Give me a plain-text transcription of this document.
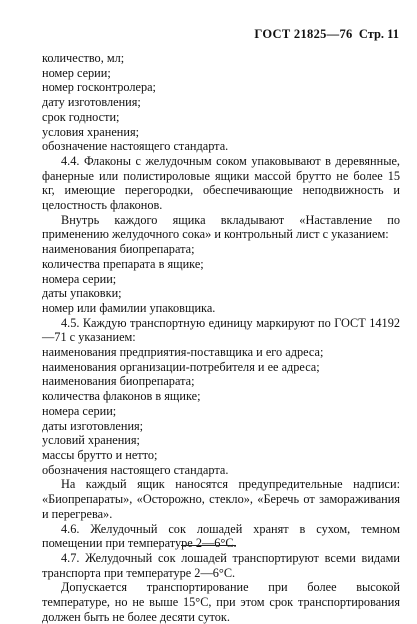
ГОСТ 21825—76 Стр. 11

количество, мл;

номер серии;

номер госконтролера;

дату изготовления;

срок годности;

условия хранения;

обозначение настоящего стандарта.

4.4. Флаконы с желудочным соком упаковывают в деревянные, фанерные или полистироловые ящики массой брутто не более 15 кг, имеющие перегородки, обеспечивающие неподвижность и целостность флаконов.

Внутрь каждого ящика вкладывают «Наставление по применению желудочного сока» и контрольный лист с указанием:

наименования биопрепарата;

количества препарата в ящике;

номера серии;

даты упаковки;

номер или фамилии упаковщика.

4.5. Каждую транспортную единицу маркируют по ГОСТ 14192—71 с указанием:

наименования предприятия-поставщика и его адреса;

наименования организации-потребителя и ее адреса;

наименования биопрепарата;

количества флаконов в ящике;

номера серии;

даты изготовления;

условий хранения;

массы брутто и нетто;

обозначения настоящего стандарта.

На каждый ящик наносятся предупредительные надписи: «Биопрепараты», «Осторожно, стекло», «Беречь от замораживания и перегрева».

4.6. Желудочный сок лошадей хранят в сухом, темном помещении при температуре 2—6°С.

4.7. Желудочный сок лошадей транспортируют всеми видами транспорта при температуре 2—6°С.

Допускается транспортирование при более высокой температуре, но не выше 15°С, при этом срок транспортирования должен быть не более десяти суток.
